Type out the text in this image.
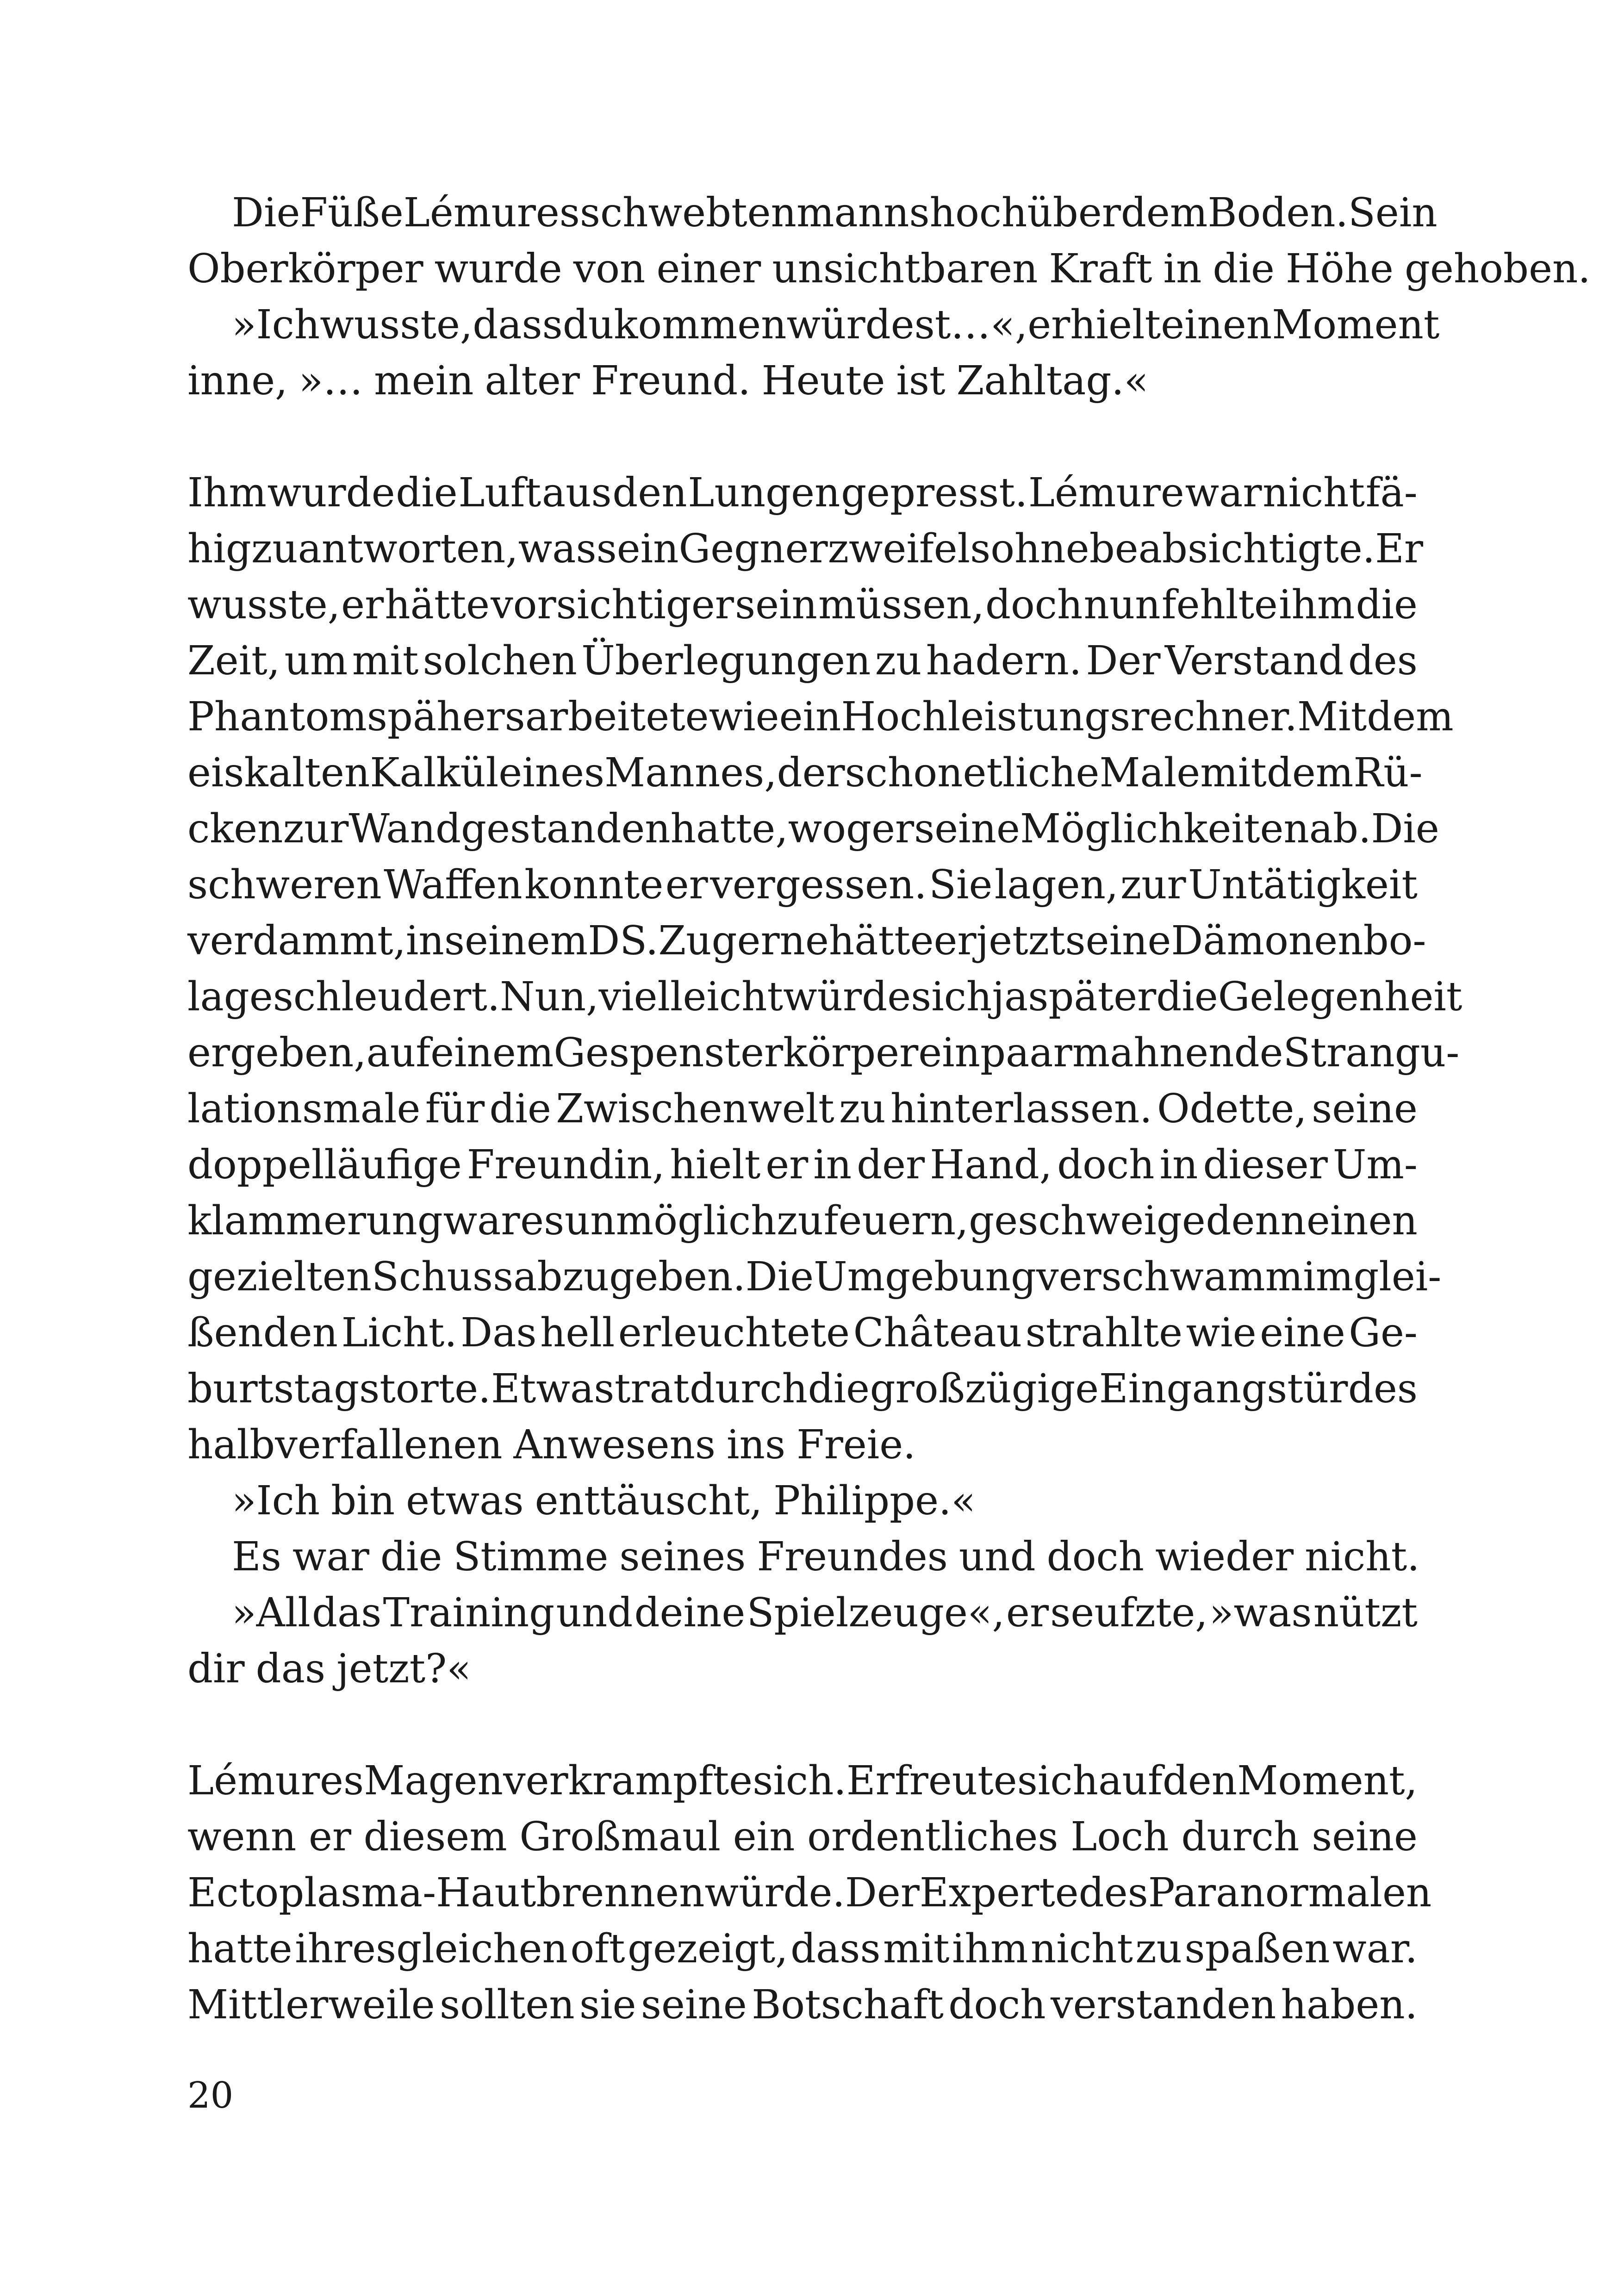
Die Füße Lémures schwebten mannshoch über dem Boden. Sein
Oberkörper wurde von einer unsichtbaren Kraft in die Höhe gehoben.
»Ich wusste, dass du kommen würdest …«, er hielt einen Moment
inne, »… mein alter Freund. Heute ist Zahltag.«
Ihm wurde die Luft aus den Lungen gepresst. Lémure war nicht fä-
hig zu antworten, was sein Gegner zweifelsohne beabsichtigte. Er
wusste, er hätte vorsichtiger sein müssen, doch nun fehlte ihm die
Zeit, um mit solchen Überlegungen zu hadern. Der Verstand des
Phantomspähers arbeitete wie ein Hochleistungsrechner. Mit dem
eiskalten Kalkül eines Mannes, der schon etliche Male mit dem Rü-
cken zur Wand gestanden hatte, wog er seine Möglichkeiten ab. Die
schweren Waffen konnte er vergessen. Sie lagen, zur Untätigkeit
verdammt, in seinem DS. Zu gerne hätte er jetzt seine Dämonenbo-
la geschleudert. Nun, vielleicht würde sich ja später die Gelegenheit
ergeben, auf einem Gespensterkörper ein paar mahnende Strangu-
lationsmale für die Zwischenwelt zu hinterlassen. Odette, seine
doppelläufige Freundin, hielt er in der Hand, doch in dieser Um-
klammerung war es unmöglich zu feuern, geschweige denn einen
gezielten Schuss abzugeben. Die Umgebung verschwamm im glei-
ßenden Licht. Das hell erleuchtete Château strahlte wie eine Ge-
burtstagstorte. Etwas trat durch die großzügige Eingangstür des
halbverfallenen Anwesens ins Freie.
»Ich bin etwas enttäuscht, Philippe.«
Es war die Stimme seines Freundes und doch wieder nicht.
»All das Training und deine Spielzeuge«, er seufzte, »was nützt
dir das jetzt?«
Lémures Magen verkrampfte sich. Er freute sich auf den Moment,
wenn er diesem Großmaul ein ordentliches Loch durch seine
Ectoplasma-Haut brennen würde. Der Experte des Paranormalen
hatte ihresgleichen oft gezeigt, dass mit ihm nicht zu spaßen war.
Mittlerweile sollten sie seine Botschaft doch verstanden haben.
20
